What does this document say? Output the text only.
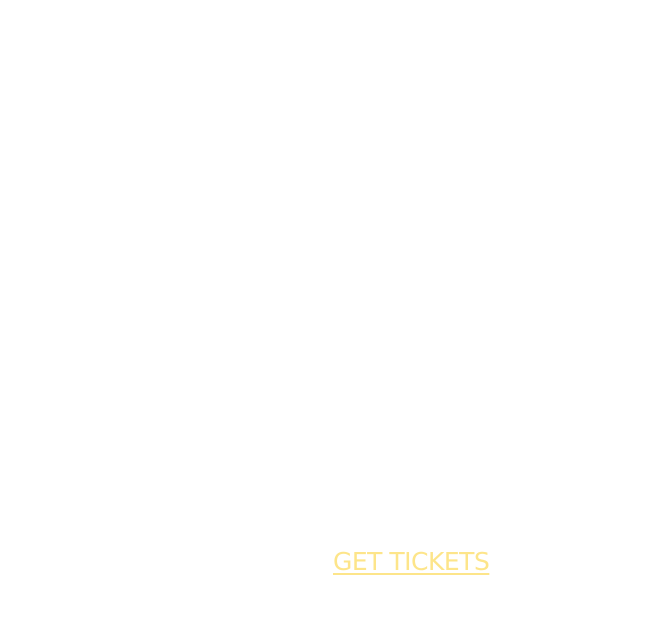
GET TICKETS
